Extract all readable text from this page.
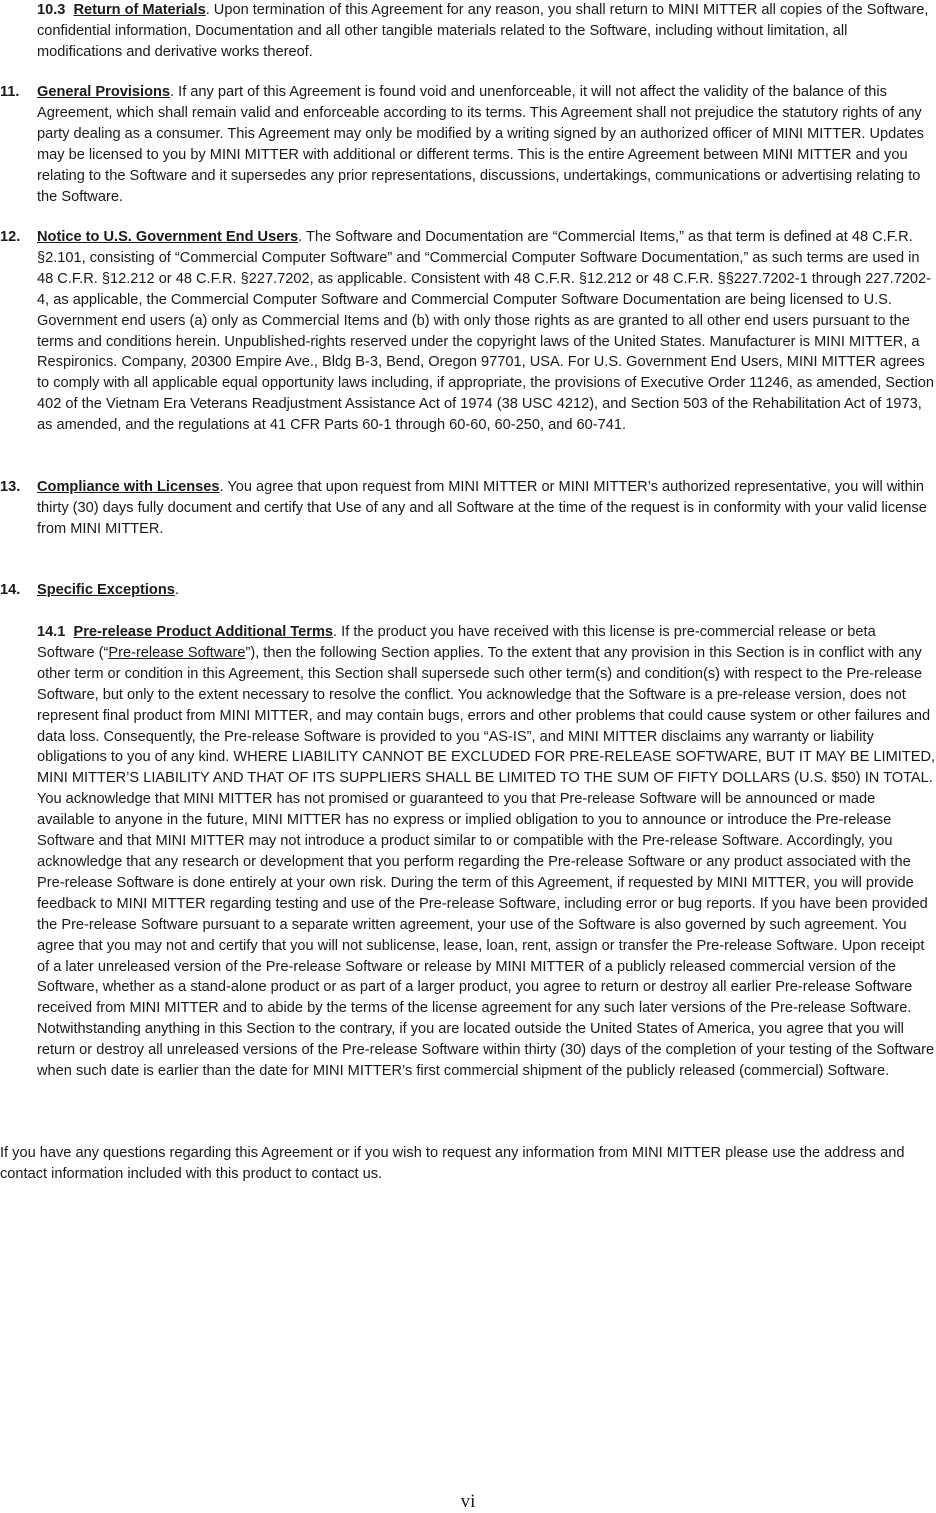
10.3 Return of Materials. Upon termination of this Agreement for any reason, you shall return to MINI MITTER all copies of the Software, confidential information, Documentation and all other tangible materials related to the Software, including without limitation, all modifications and derivative works thereof.

11. General Provisions. If any part of this Agreement is found void and unenforceable, it will not affect the validity of the balance of this Agreement, which shall remain valid and enforceable according to its terms. This Agreement shall not prejudice the statutory rights of any party dealing as a consumer. This Agreement may only be modified by a writing signed by an authorized officer of MINI MITTER. Updates may be licensed to you by MINI MITTER with additional or different terms. This is the entire Agreement between MINI MITTER and you relating to the Software and it supersedes any prior representations, discussions, undertakings, communications or advertising relating to the Software.

12. Notice to U.S. Government End Users. The Software and Documentation are “Commercial Items,” as that term is defined at 48 C.F.R. §2.101, consisting of “Commercial Computer Software” and “Commercial Computer Software Documentation,” as such terms are used in 48 C.F.R. §12.212 or 48 C.F.R. §227.7202, as applicable. Consistent with 48 C.F.R. §12.212 or 48 C.F.R. §§227.7202-1 through 227.7202-4, as applicable, the Commercial Computer Software and Commercial Computer Software Documentation are being licensed to U.S. Government end users (a) only as Commercial Items and (b) with only those rights as are granted to all other end users pursuant to the terms and conditions herein. Unpublished-rights reserved under the copyright laws of the United States. Manufacturer is MINI MITTER, a Respironics. Company, 20300 Empire Ave., Bldg B-3, Bend, Oregon 97701, USA. For U.S. Government End Users, MINI MITTER agrees to comply with all applicable equal opportunity laws including, if appropriate, the provisions of Executive Order 11246, as amended, Section 402 of the Vietnam Era Veterans Readjustment Assistance Act of 1974 (38 USC 4212), and Section 503 of the Rehabilitation Act of 1973, as amended, and the regulations at 41 CFR Parts 60-1 through 60-60, 60-250, and 60-741.

13. Compliance with Licenses. You agree that upon request from MINI MITTER or MINI MITTER’s authorized representative, you will within thirty (30) days fully document and certify that Use of any and all Software at the time of the request is in conformity with your valid license from MINI MITTER.

14. Specific Exceptions.

14.1 Pre-release Product Additional Terms. If the product you have received with this license is pre-commercial release or beta Software (“Pre-release Software”), then the following Section applies. To the extent that any provision in this Section is in conflict with any other term or condition in this Agreement, this Section shall supersede such other term(s) and condition(s) with respect to the Pre-release Software, but only to the extent necessary to resolve the conflict. You acknowledge that the Software is a pre-release version, does not represent final product from MINI MITTER, and may contain bugs, errors and other problems that could cause system or other failures and data loss. Consequently, the Pre-release Software is provided to you “AS-IS”, and MINI MITTER disclaims any warranty or liability obligations to you of any kind. WHERE LIABILITY CANNOT BE EXCLUDED FOR PRE-RELEASE SOFTWARE, BUT IT MAY BE LIMITED, MINI MITTER’S LIABILITY AND THAT OF ITS SUPPLIERS SHALL BE LIMITED TO THE SUM OF FIFTY DOLLARS (U.S. $50) IN TOTAL. You acknowledge that MINI MITTER has not promised or guaranteed to you that Pre-release Software will be announced or made available to anyone in the future, MINI MITTER has no express or implied obligation to you to announce or introduce the Pre-release Software and that MINI MITTER may not introduce a product similar to or compatible with the Pre-release Software. Accordingly, you acknowledge that any research or development that you perform regarding the Pre-release Software or any product associated with the Pre-release Software is done entirely at your own risk. During the term of this Agreement, if requested by MINI MITTER, you will provide feedback to MINI MITTER regarding testing and use of the Pre-release Software, including error or bug reports. If you have been provided the Pre-release Software pursuant to a separate written agreement, your use of the Software is also governed by such agreement. You agree that you may not and certify that you will not sublicense, lease, loan, rent, assign or transfer the Pre-release Software. Upon receipt of a later unreleased version of the Pre-release Software or release by MINI MITTER of a publicly released commercial version of the Software, whether as a stand-alone product or as part of a larger product, you agree to return or destroy all earlier Pre-release Software received from MINI MITTER and to abide by the terms of the license agreement for any such later versions of the Pre-release Software. Notwithstanding anything in this Section to the contrary, if you are located outside the United States of America, you agree that you will return or destroy all unreleased versions of the Pre-release Software within thirty (30) days of the completion of your testing of the Software when such date is earlier than the date for MINI MITTER’s first commercial shipment of the publicly released (commercial) Software.

If you have any questions regarding this Agreement or if you wish to request any information from MINI MITTER please use the address and contact information included with this product to contact us.

vi
